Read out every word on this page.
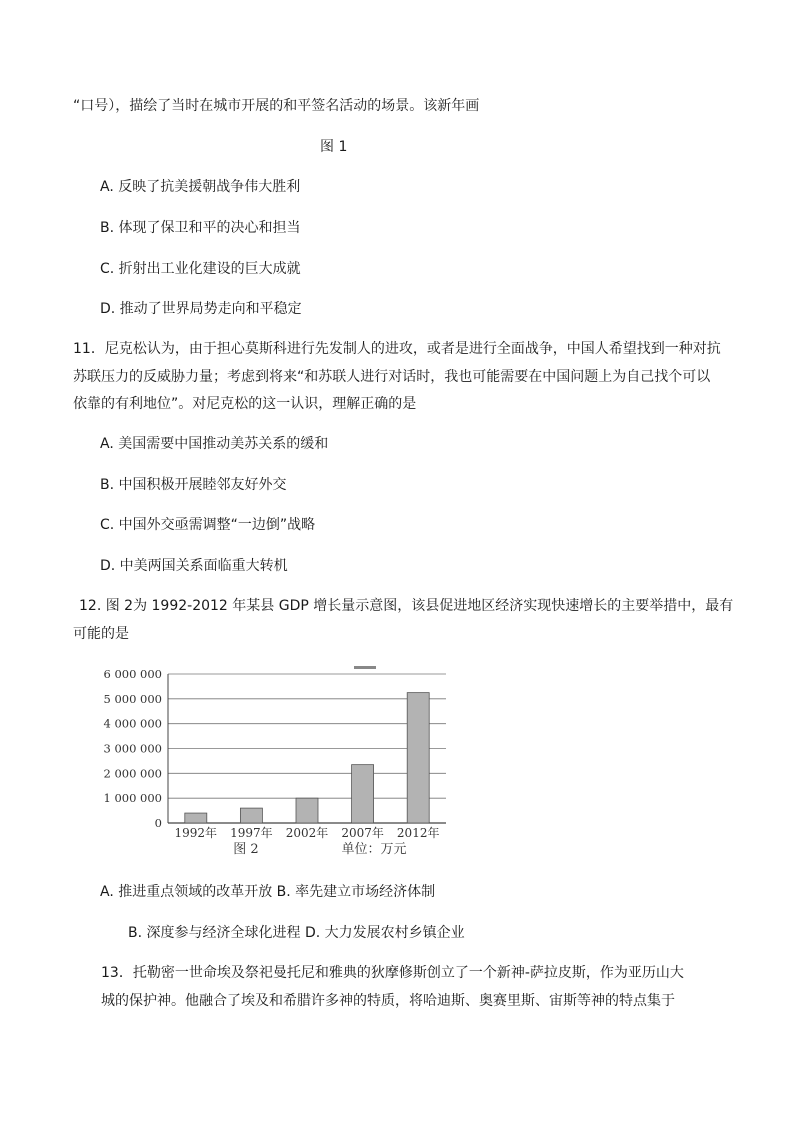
“口号），描绘了当时在城市开展的和平签名活动的场景。该新年画
图 1
A. 反映了抗美援朝战争伟大胜利
B. 体现了保卫和平的决心和担当
C. 折射出工业化建设的巨大成就
D. 推动了世界局势走向和平稳定
11．尼克松认为，由于担心莫斯科进行先发制人的进攻，或者是进行全面战争，中国人希望找到一种对抗
苏联压力的反威胁力量；考虑到将来“和苏联人进行对话时，我也可能需要在中国问题上为自己找个可以
依靠的有利地位”。对尼克松的这一认识，理解正确的是
A. 美国需要中国推动美苏关系的缓和
B. 中国积极开展睦邻友好外交
C. 中国外交亟需调整“一边倒”战略
D. 中美两国关系面临重大转机
12. 图 2为 1992-2012 年某县 GDP 增长量示意图，该县促进地区经济实现快速增长的主要举措中，最有
可能的是
0
1 000 000
2 000 000
3 000 000
4 000 000
5 000 000
6 000 000
1992年 1997年 2002年 2007年 2012年
图 2	单位：万元
A. 推进重点领域的改革开放 B. 率先建立市场经济体制
B. 深度参与经济全球化进程 D. 大力发展农村乡镇企业
13．托勒密一世命埃及祭祀曼托尼和雅典的狄摩修斯创立了一个新神-萨拉皮斯，作为亚历山大
城的保护神。他融合了埃及和希腊许多神的特质，将哈迪斯、奥赛里斯、宙斯等神的特点集于
